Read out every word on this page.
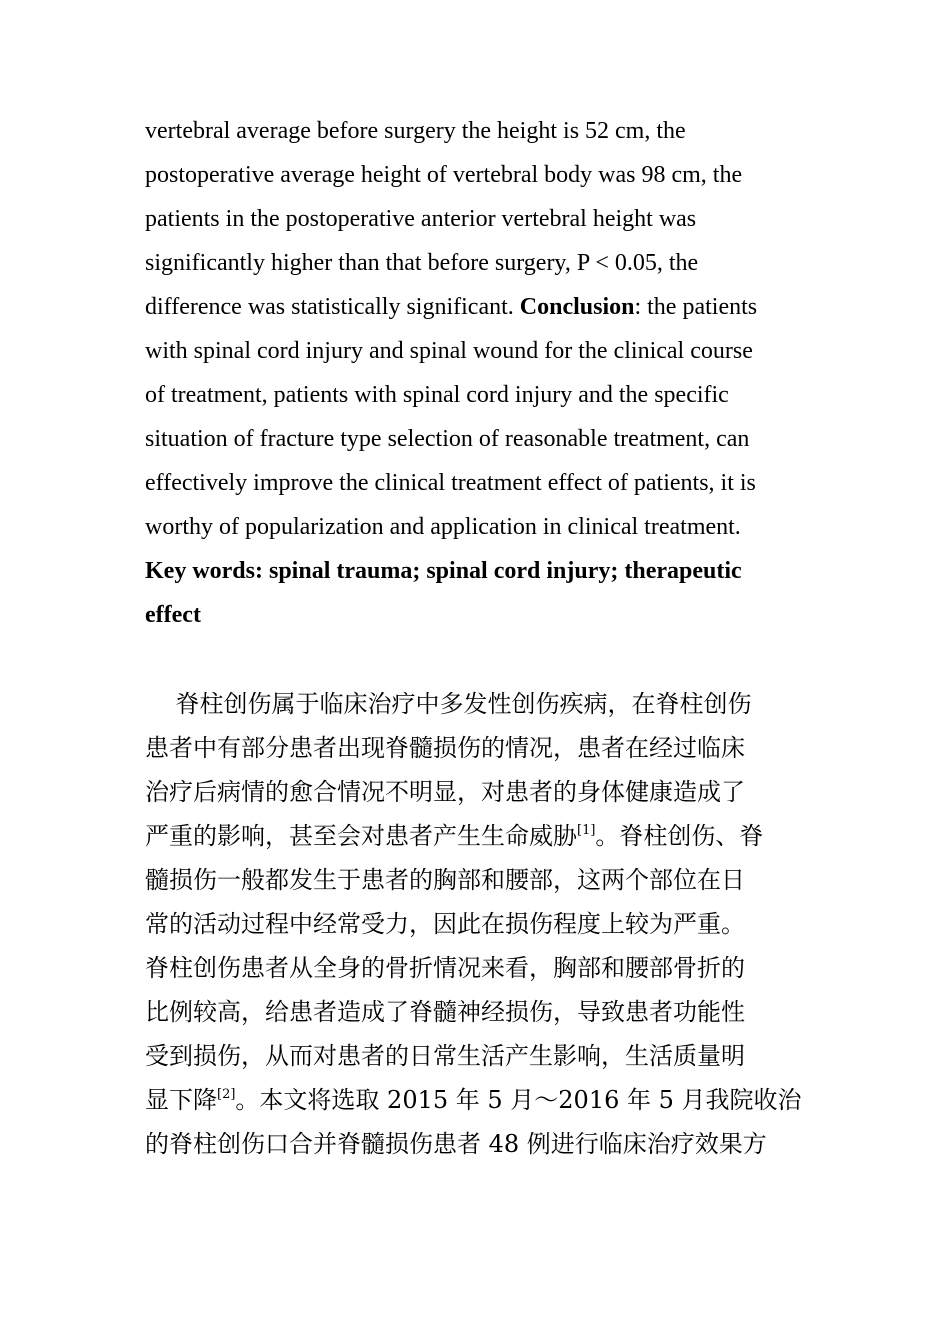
vertebral average before surgery the height is 52 cm, the
postoperative average height of vertebral body was 98 cm, the
patients in the postoperative anterior vertebral height was
significantly higher than that before surgery, P < 0.05, the
difference was statistically significant. Conclusion: the patients
with spinal cord injury and spinal wound for the clinical course
of treatment, patients with spinal cord injury and the specific
situation of fracture type selection of reasonable treatment, can
effectively improve the clinical treatment effect of patients, it is
worthy of popularization and application in clinical treatment.
Key words: spinal trauma; spinal cord injury; therapeutic
effect
脊柱创伤属于临床治疗中多发性创伤疾病，在脊柱创伤
患者中有部分患者出现脊髓损伤的情况，患者在经过临床
治疗后病情的愈合情况不明显，对患者的身体健康造成了
严重的影响，甚至会对患者产生生命威胁[1]。脊柱创伤、脊
髓损伤一般都发生于患者的胸部和腰部，这两个部位在日
常的活动过程中经常受力，因此在损伤程度上较为严重。
脊柱创伤患者从全身的骨折情况来看，胸部和腰部骨折的
比例较高，给患者造成了脊髓神经损伤，导致患者功能性
受到损伤，从而对患者的日常生活产生影响，生活质量明
显下降[2]。本文将选取 2015 年 5 月～2016 年 5 月我院收治
的脊柱创伤口合并脊髓损伤患者 48 例进行临床治疗效果方
